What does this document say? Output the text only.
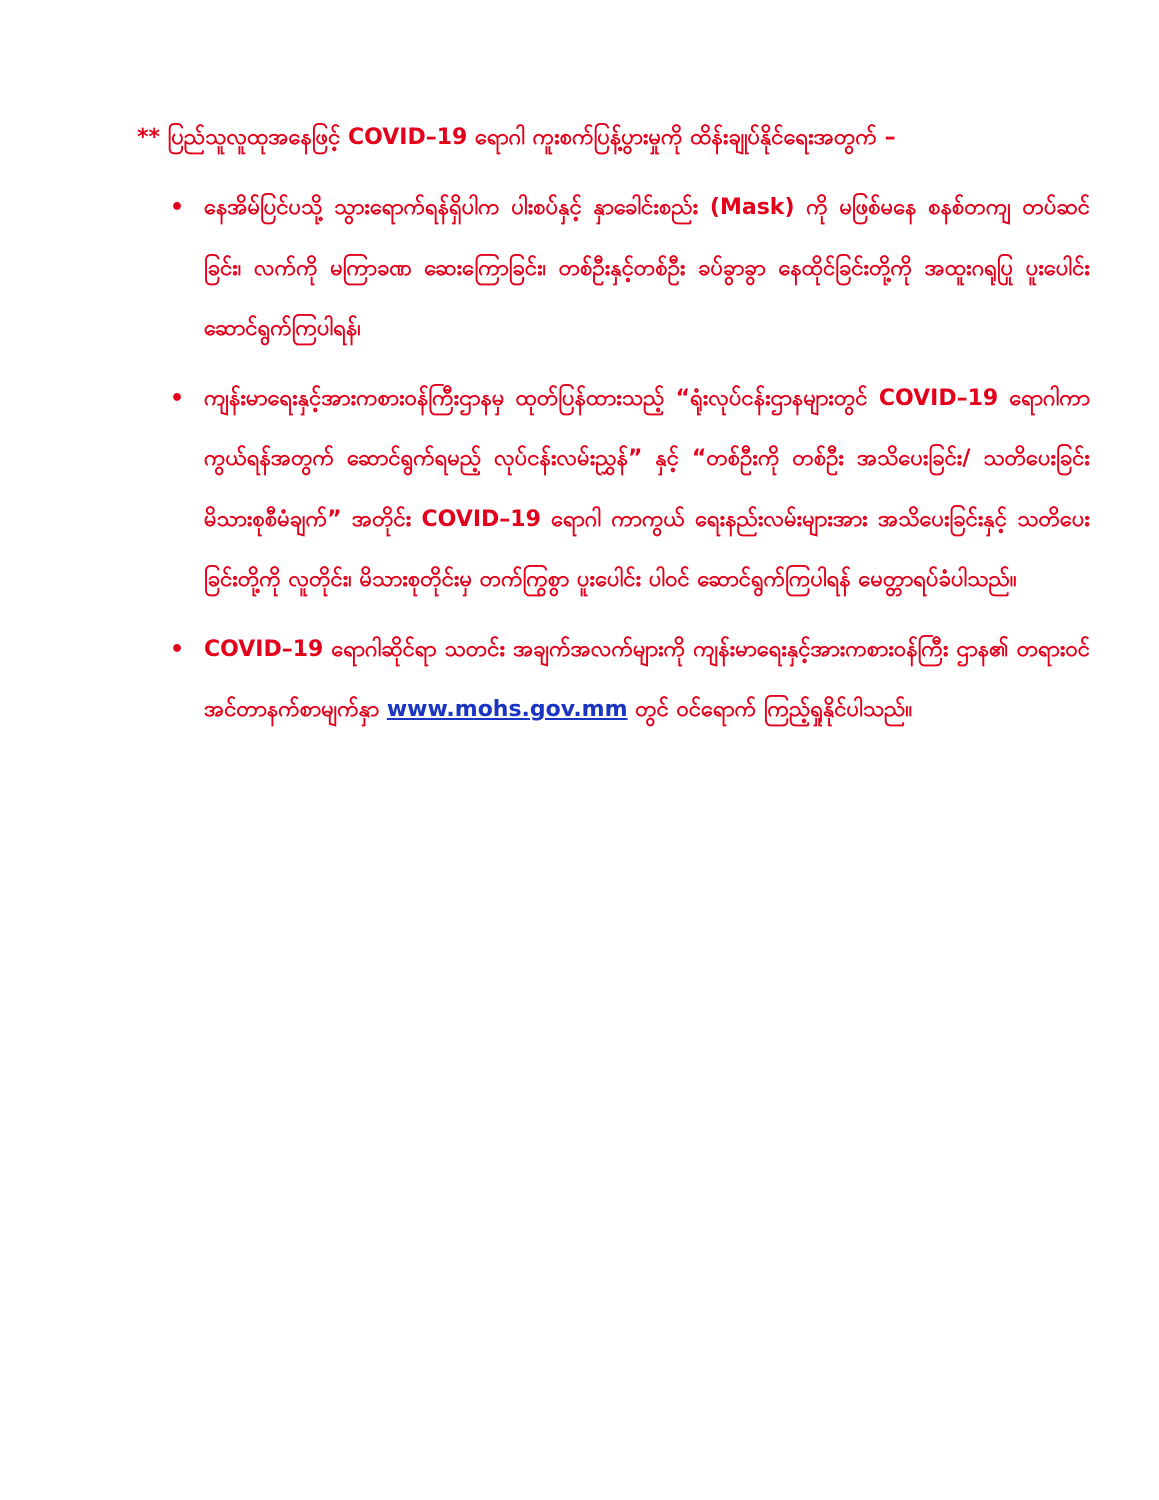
** ပြည်သူလူထုအနေဖြင့် COVID–19 ရောဂါ ကူးစက်ပြန့်ပွားမှုကို ထိန်းချုပ်နိုင်ရေးအတွက် –
• နေအိမ်ပြင်ပသို့ သွားရောက်ရန်ရှိပါက ပါးစပ်နှင့် နှာခေါင်းစည်း (Mask) ကို မဖြစ်မနေ စနစ်တကျ တပ်ဆင်ခြင်း၊ လက်ကို မကြာခဏ ဆေးကြောခြင်း၊ တစ်ဦးနှင့်တစ်ဦး ခပ်ခွာခွာ နေထိုင်ခြင်းတို့ကို အထူးဂရုပြု ပူးပေါင်းဆောင်ရွက်ကြပါရန်၊
• ကျန်းမာရေးနှင့်အားကစားဝန်ကြီးဌာနမှ ထုတ်ပြန်ထားသည့် “ရုံးလုပ်ငန်းဌာနများတွင် COVID–19 ရောဂါကာကွယ်ရန်အတွက် ဆောင်ရွက်ရမည့် လုပ်ငန်းလမ်းညွှန်” နှင့် “တစ်ဦးကို တစ်ဦး အသိပေးခြင်း/ သတိပေးခြင်း မိသားစုစီမံချက်” အတိုင်း COVID–19 ရောဂါ ကာကွယ် ရေးနည်းလမ်းများအား အသိပေးခြင်းနှင့် သတိပေးခြင်းတို့ကို လူတိုင်း၊ မိသားစုတိုင်းမှ တက်ကြွစွာ ပူးပေါင်း ပါဝင် ဆောင်ရွက်ကြပါရန် မေတ္တာရပ်ခံပါသည်။
• COVID–19 ရောဂါဆိုင်ရာ သတင်း အချက်အလက်များကို ကျန်းမာရေးနှင့်အားကစားဝန်ကြီး ဌာန၏ တရားဝင်အင်တာနက်စာမျက်နှာ www.mohs.gov.mm တွင် ဝင်ရောက် ကြည့်ရှုနိုင်ပါသည်။
